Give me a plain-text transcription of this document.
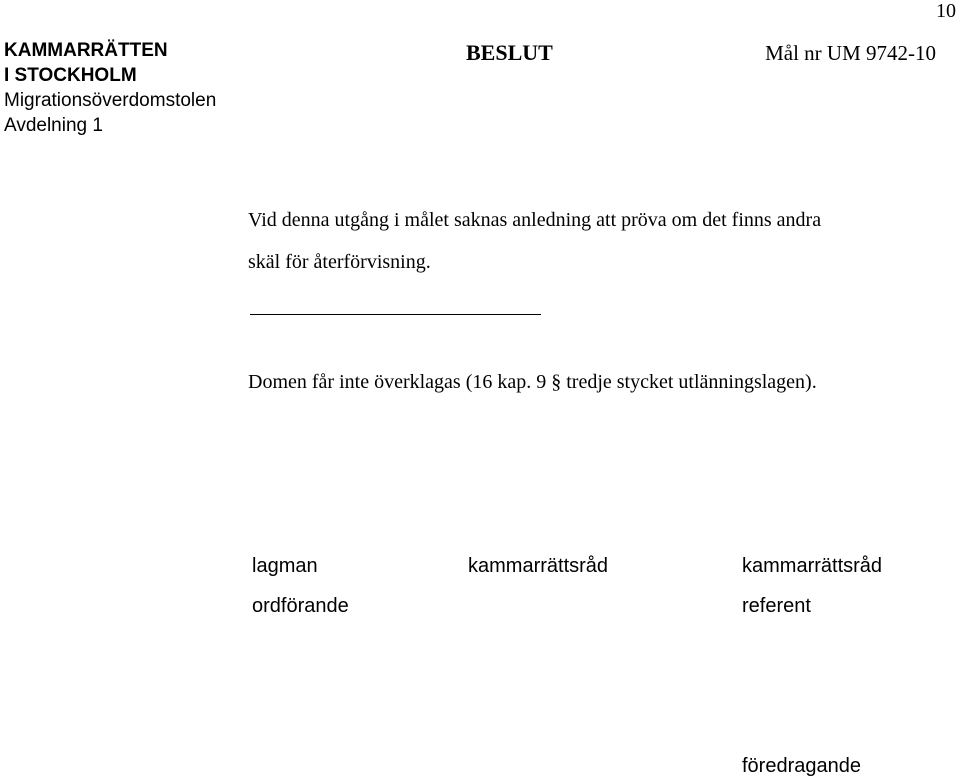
10
KAMMARRÄTTEN
I STOCKHOLM
Migrationsöverdomstolen
Avdelning 1
BESLUT	Mål nr UM 9742-10
Vid denna utgång i målet saknas anledning att pröva om det finns andra
skäl för återförvisning.
Domen får inte överklagas (16 kap. 9 § tredje stycket utlänningslagen).
lagman
ordförande
kammarrättsråd	kammarrättsråd
referent
föredragande
